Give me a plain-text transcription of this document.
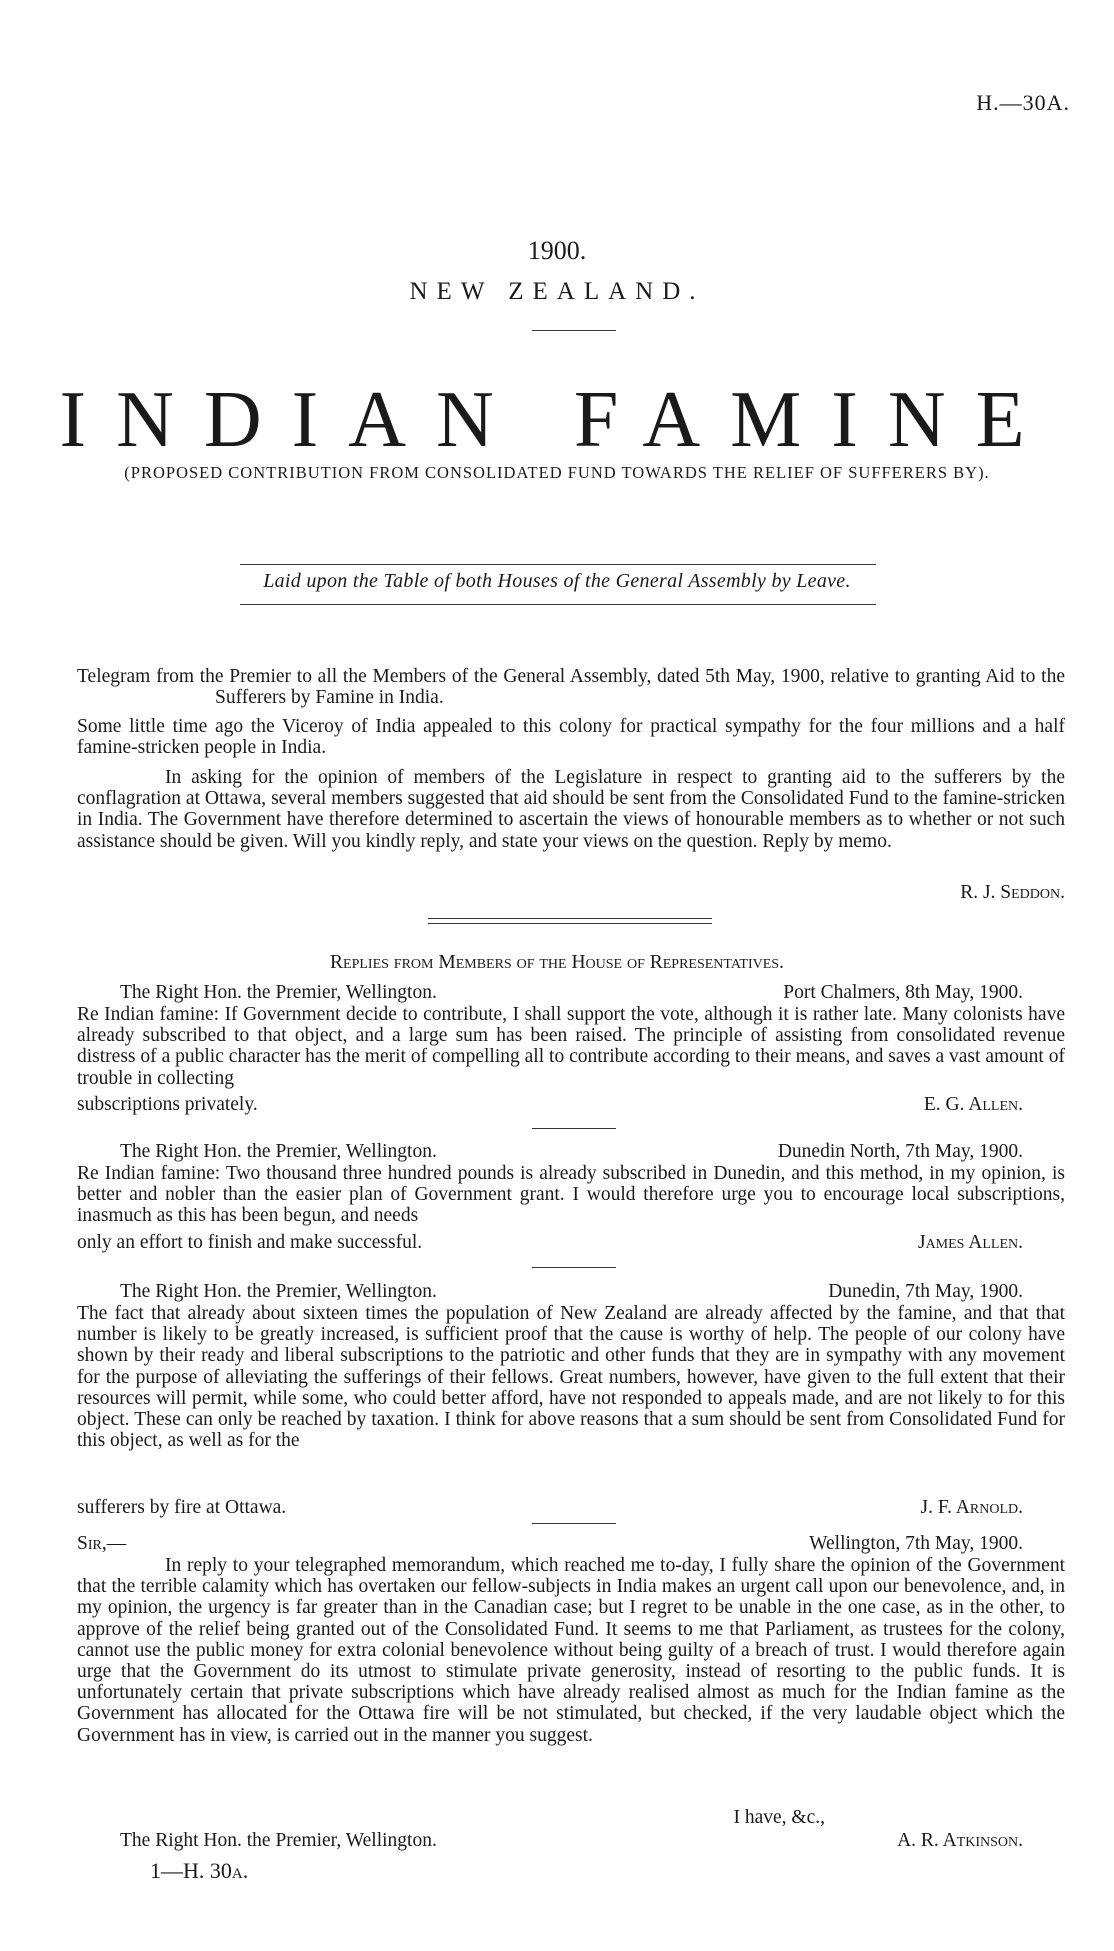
H.—30A.
1900.
NEW ZEALAND.
INDIAN FAMINE
(PROPOSED CONTRIBUTION FROM CONSOLIDATED FUND TOWARDS THE RELIEF OF SUFFERERS BY).
Laid upon the Table of both Houses of the General Assembly by Leave.
Telegram from the Premier to all the Members of the General Assembly, dated 5th May, 1900, relative to granting Aid to the Sufferers by Famine in India.
Some little time ago the Viceroy of India appealed to this colony for practical sympathy for the four millions and a half famine-stricken people in India.
In asking for the opinion of members of the Legislature in respect to granting aid to the sufferers by the conflagration at Ottawa, several members suggested that aid should be sent from the Consolidated Fund to the famine-stricken in India. The Government have therefore determined to ascertain the views of honourable members as to whether or not such assistance should be given. Will you kindly reply, and state your views on the question. Reply by memo.
R. J. Seddon.
Replies from Members of the House of Representatives.
The Right Hon. the Premier, Wellington.	Port Chalmers, 8th May, 1900.
Re Indian famine: If Government decide to contribute, I shall support the vote, although it is rather late. Many colonists have already subscribed to that object, and a large sum has been raised. The principle of assisting from consolidated revenue distress of a public character has the merit of compelling all to contribute according to their means, and saves a vast amount of trouble in collecting
subscriptions privately.	E. G. Allen.
The Right Hon. the Premier, Wellington.	Dunedin North, 7th May, 1900.
Re Indian famine: Two thousand three hundred pounds is already subscribed in Dunedin, and this method, in my opinion, is better and nobler than the easier plan of Government grant. I would therefore urge you to encourage local subscriptions, inasmuch as this has been begun, and needs
only an effort to finish and make successful.	James Allen.
The Right Hon. the Premier, Wellington.	Dunedin, 7th May, 1900.
The fact that already about sixteen times the population of New Zealand are already affected by the famine, and that that number is likely to be greatly increased, is sufficient proof that the cause is worthy of help. The people of our colony have shown by their ready and liberal subscriptions to the patriotic and other funds that they are in sympathy with any movement for the purpose of alleviating the sufferings of their fellows. Great numbers, however, have given to the full extent that their resources will permit, while some, who could better afford, have not responded to appeals made, and are not likely to for this object. These can only be reached by taxation. I think for above reasons that a sum should be sent from Consolidated Fund for this object, as well as for the
sufferers by fire at Ottawa.	J. F. Arnold.
Sir,—	Wellington, 7th May, 1900.
In reply to your telegraphed memorandum, which reached me to-day, I fully share the opinion of the Government that the terrible calamity which has overtaken our fellow-subjects in India makes an urgent call upon our benevolence, and, in my opinion, the urgency is far greater than in the Canadian case; but I regret to be unable in the one case, as in the other, to approve of the relief being granted out of the Consolidated Fund. It seems to me that Parliament, as trustees for the colony, cannot use the public money for extra colonial benevolence without being guilty of a breach of trust. I would therefore again urge that the Government do its utmost to stimulate private generosity, instead of resorting to the public funds. It is unfortunately certain that private subscriptions which have already realised almost as much for the Indian famine as the Government has allocated for the Ottawa fire will be not stimulated, but checked, if the very laudable object which the Government has in view, is carried out in the manner you suggest.
I have, &c.,
The Right Hon. the Premier, Wellington.	A. R. Atkinson.
1—H. 30a.
